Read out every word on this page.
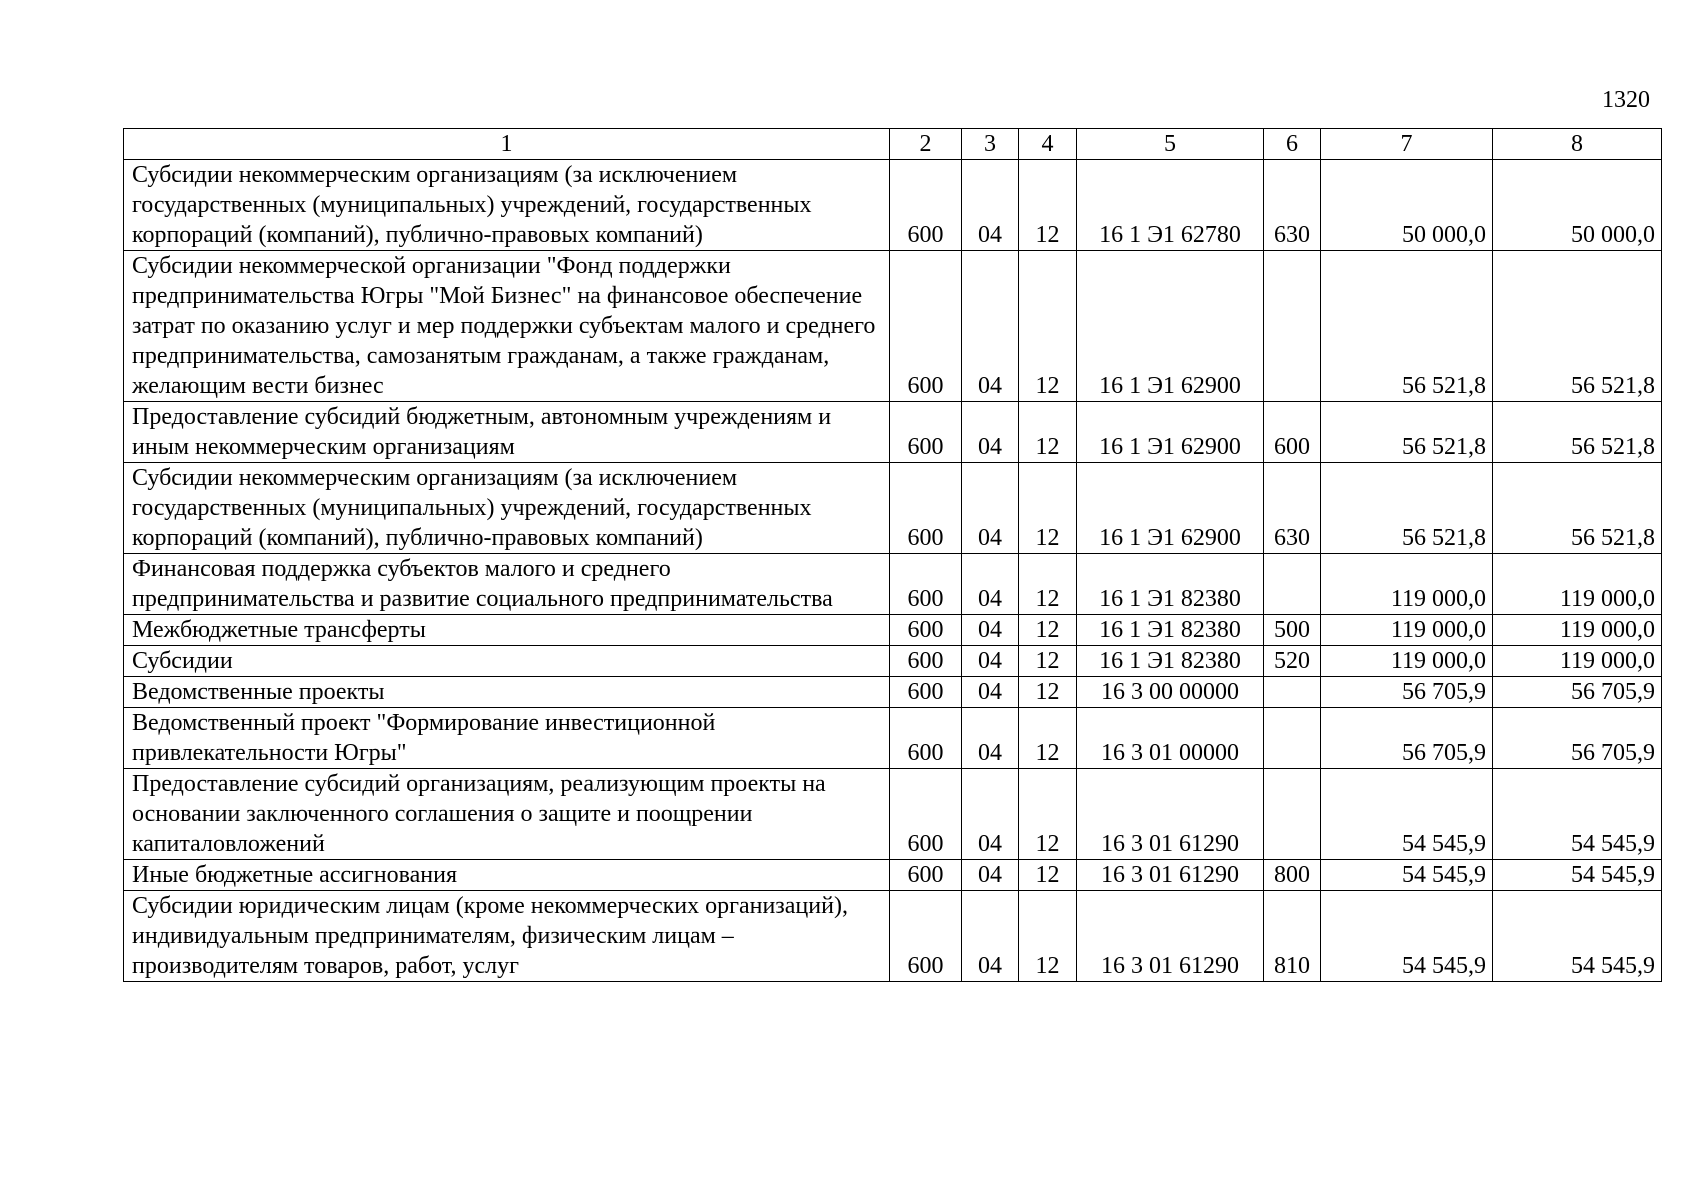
1320
1	2	3	4	5	6	7	8
Субсидии некоммерческим организациям (за исключением государственных (муниципальных) учреждений, государственных корпораций (компаний), публично-правовых компаний)	600	04	12	16 1 Э1 62780	630	50 000,0	50 000,0
Субсидии некоммерческой организации "Фонд поддержки предпринимательства Югры "Мой Бизнес" на финансовое обеспечение затрат по оказанию услуг и мер поддержки субъектам малого и среднего предпринимательства, самозанятым гражданам, а также гражданам, желающим вести бизнес	600	04	12	16 1 Э1 62900		56 521,8	56 521,8
Предоставление субсидий бюджетным, автономным учреждениям и иным некоммерческим организациям	600	04	12	16 1 Э1 62900	600	56 521,8	56 521,8
Субсидии некоммерческим организациям (за исключением государственных (муниципальных) учреждений, государственных корпораций (компаний), публично-правовых компаний)	600	04	12	16 1 Э1 62900	630	56 521,8	56 521,8
Финансовая поддержка субъектов малого и среднего предпринимательства и развитие социального предпринимательства	600	04	12	16 1 Э1 82380		119 000,0	119 000,0
Межбюджетные трансферты	600	04	12	16 1 Э1 82380	500	119 000,0	119 000,0
Субсидии	600	04	12	16 1 Э1 82380	520	119 000,0	119 000,0
Ведомственные проекты	600	04	12	16 3 00 00000		56 705,9	56 705,9
Ведомственный проект "Формирование инвестиционной привлекательности Югры"	600	04	12	16 3 01 00000		56 705,9	56 705,9
Предоставление субсидий организациям, реализующим проекты на основании заключенного соглашения о защите и поощрении капиталовложений	600	04	12	16 3 01 61290		54 545,9	54 545,9
Иные бюджетные ассигнования	600	04	12	16 3 01 61290	800	54 545,9	54 545,9
Субсидии юридическим лицам (кроме некоммерческих организаций), индивидуальным предпринимателям, физическим лицам – производителям товаров, работ, услуг	600	04	12	16 3 01 61290	810	54 545,9	54 545,9
